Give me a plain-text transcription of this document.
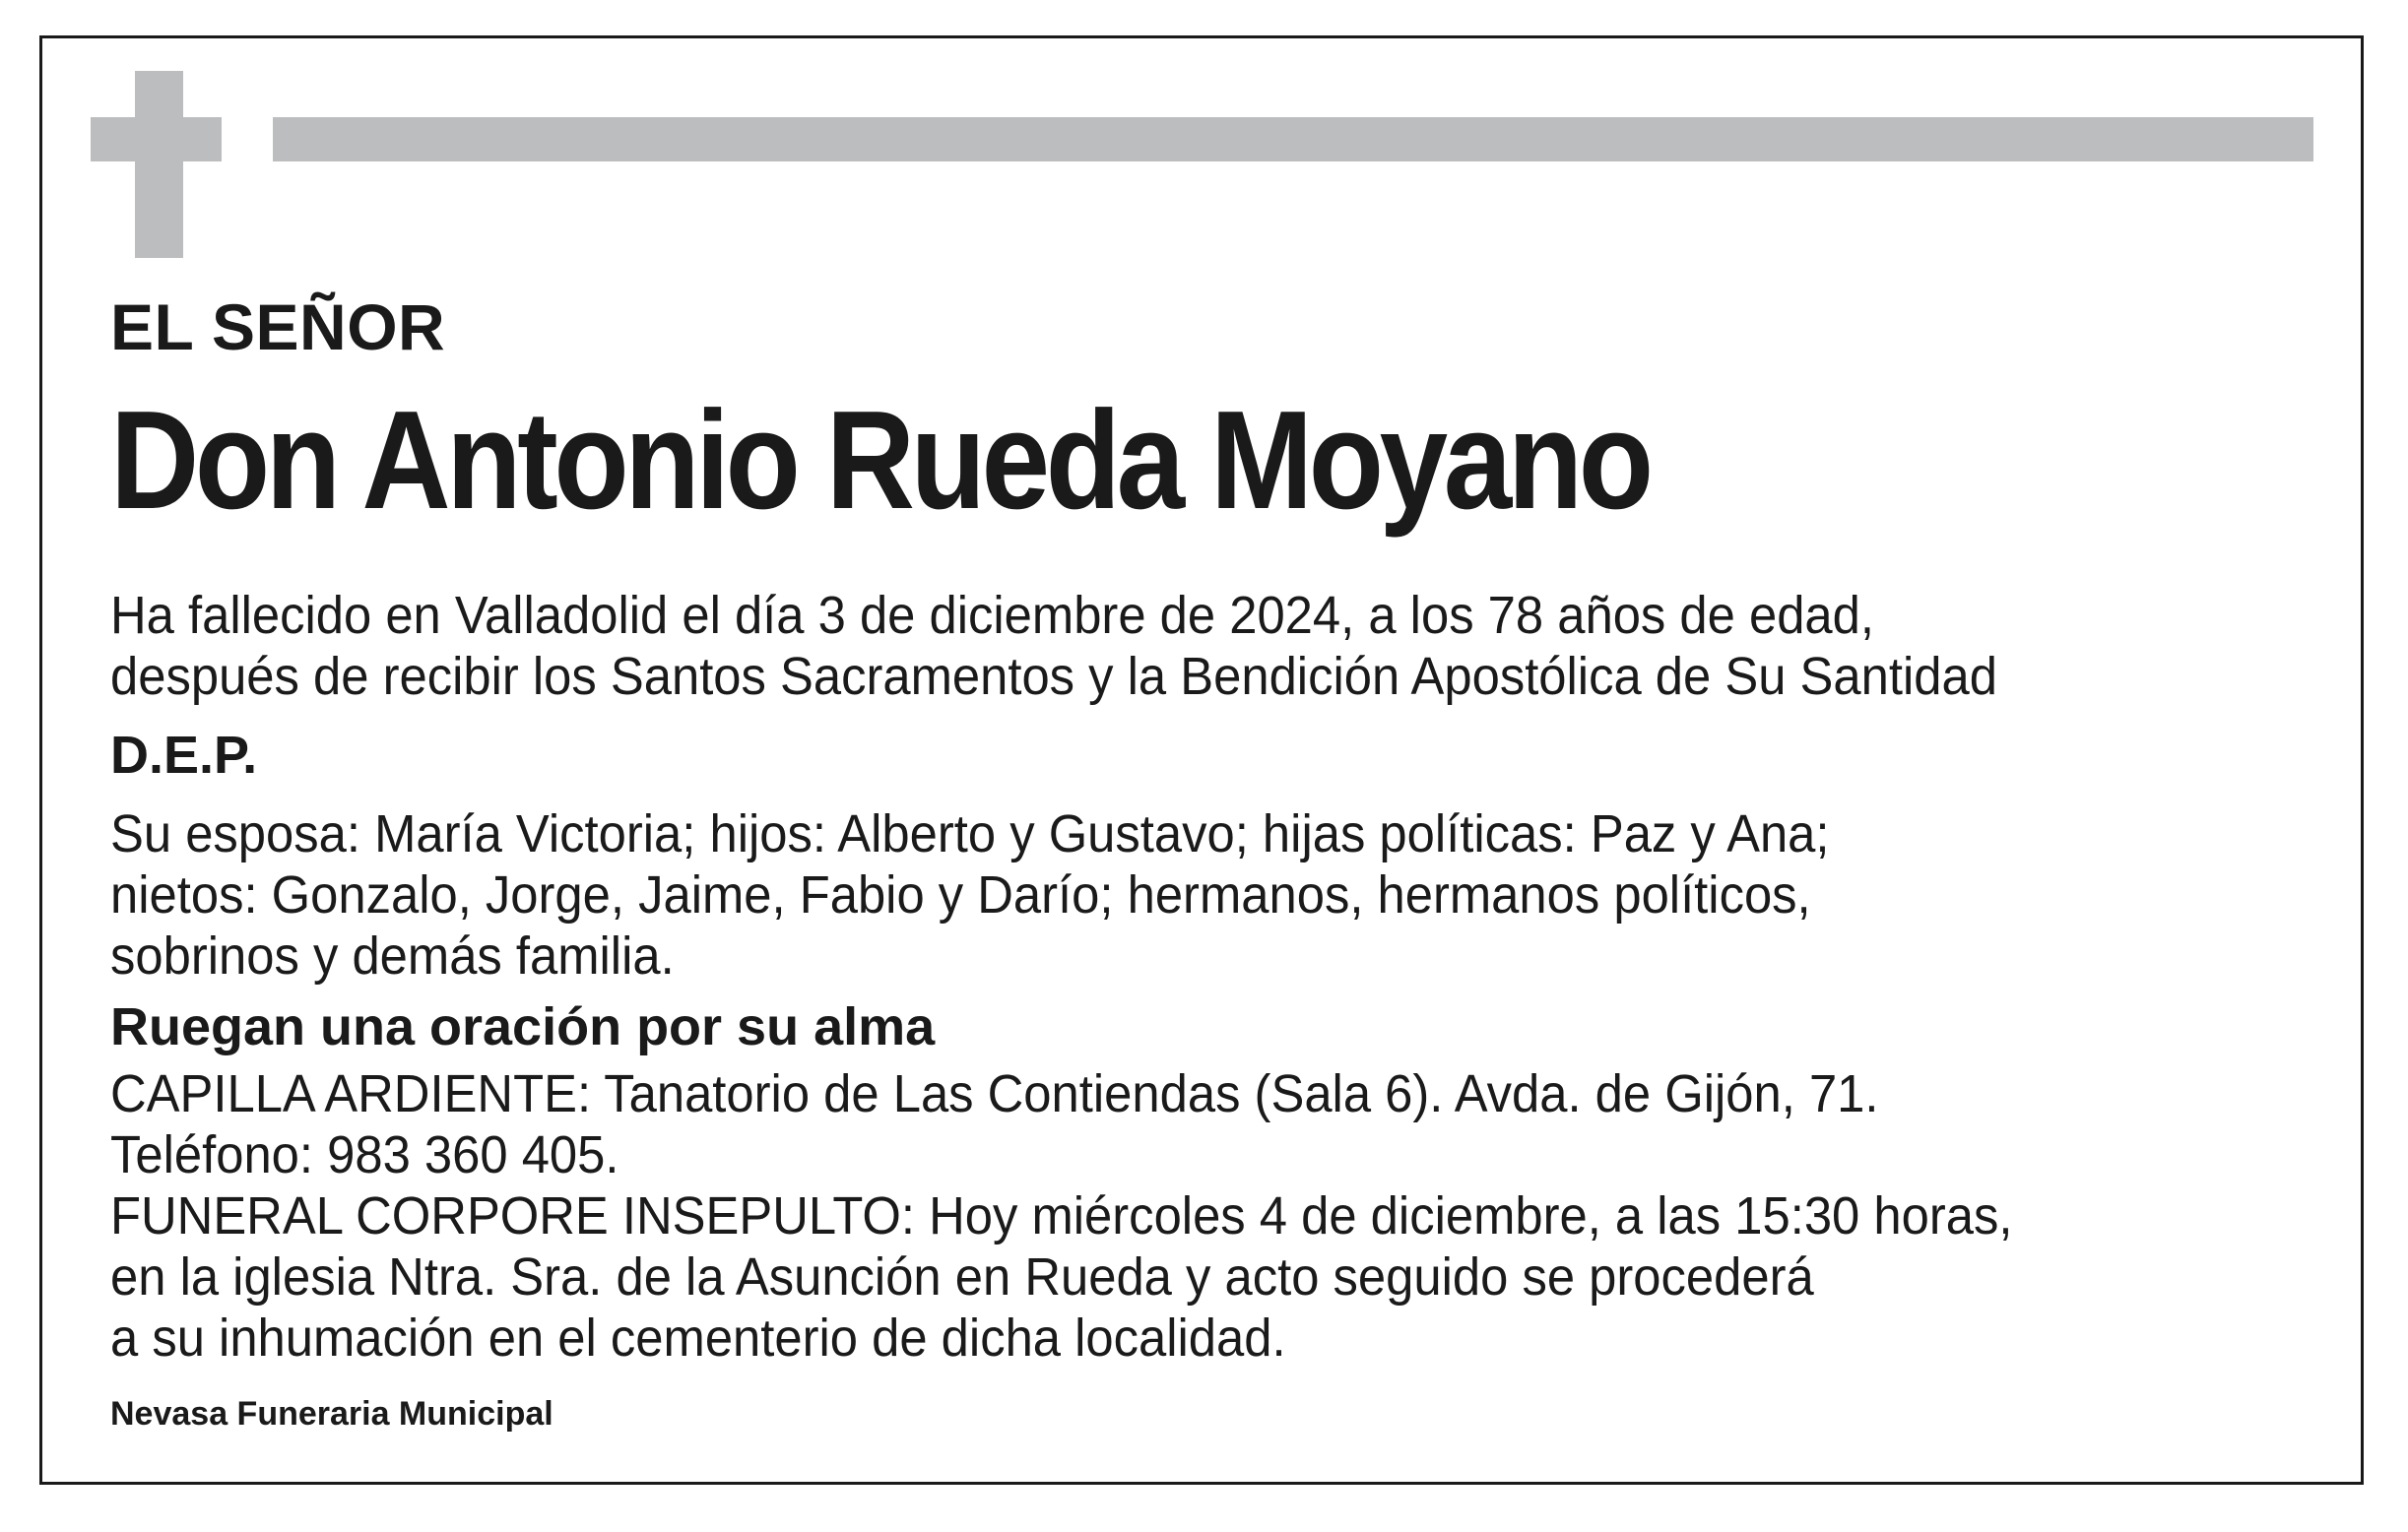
EL SEÑOR

Don Antonio Rueda Moyano

Ha fallecido en Valladolid el día 3 de diciembre de 2024, a los 78 años de edad,
después de recibir los Santos Sacramentos y la Bendición Apostólica de Su Santidad

D.E.P.

Su esposa: María Victoria; hijos: Alberto y Gustavo; hijas políticas: Paz y Ana;
nietos: Gonzalo, Jorge, Jaime, Fabio y Darío; hermanos, hermanos políticos,
sobrinos y demás familia.

Ruegan una oración por su alma

CAPILLA ARDIENTE: Tanatorio de Las Contiendas (Sala 6). Avda. de Gijón, 71.
Teléfono: 983 360 405.
FUNERAL CORPORE INSEPULTO: Hoy miércoles 4 de diciembre, a las 15:30 horas,
en la iglesia Ntra. Sra. de la Asunción en Rueda y acto seguido se procederá
a su inhumación en el cementerio de dicha localidad.

Nevasa Funeraria Municipal
